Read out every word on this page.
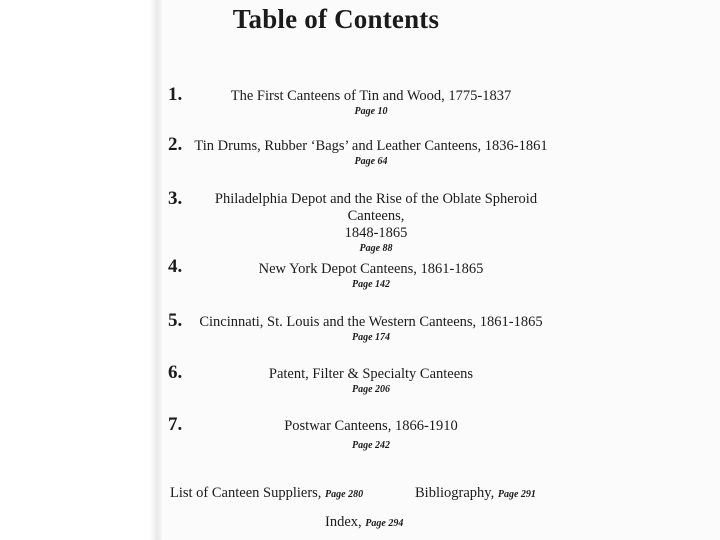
Table of Contents
1.	The First Canteens of Tin and Wood, 1775-1837
Page 10
2. Tin Drums, Rubber ‘Bags’ and Leather Canteens, 1836-1861
Page 64
3.	Philadelphia Depot and the Rise of the Oblate Spheroid Canteens,
1848-1865
Page 88
4.	New York Depot Canteens, 1861-1865
Page 142
5.	Cincinnati, St. Louis and the Western Canteens, 1861-1865
Page 174
6.	Patent, Filter & Specialty Canteens
Page 206
7.	Postwar Canteens, 1866-1910
Page 242
List of Canteen Suppliers, Page 280	Bibliography, Page 291
Index, Page 294
